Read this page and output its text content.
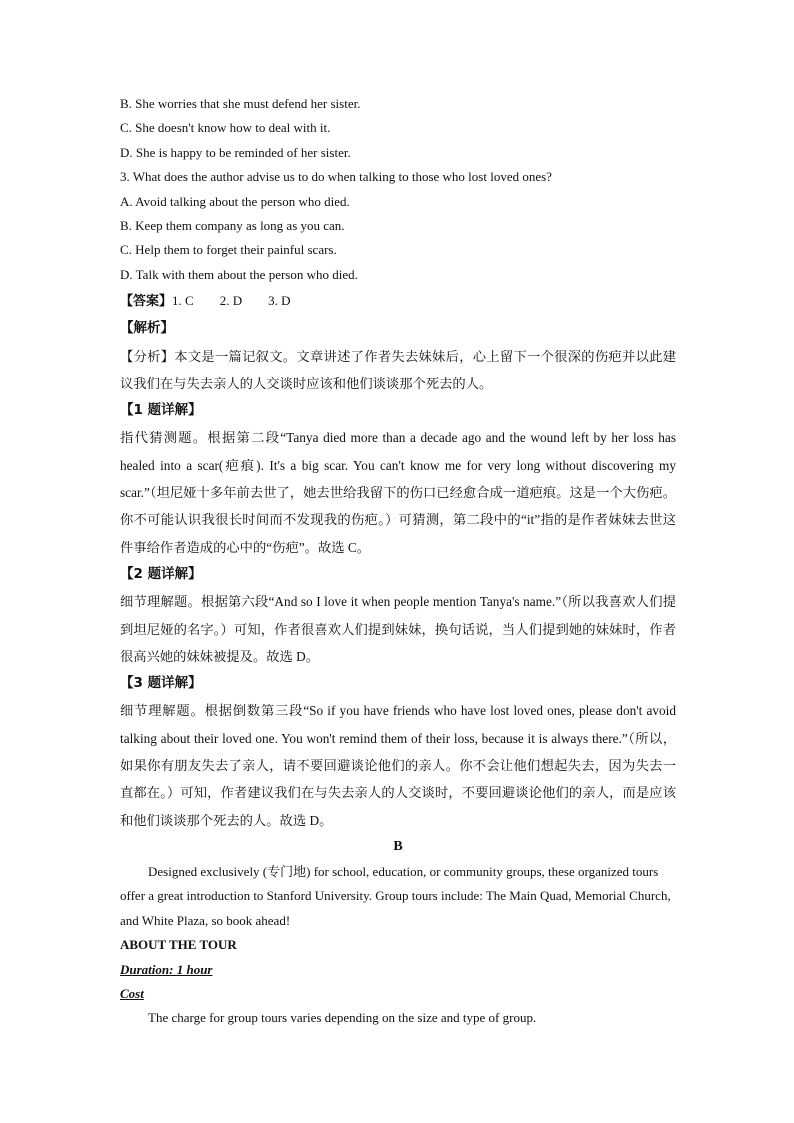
B. She worries that she must defend her sister.
C. She doesn't know how to deal with it.
D. She is happy to be reminded of her sister.
3. What does the author advise us to do when talking to those who lost loved ones?
A. Avoid talking about the person who died.
B. Keep them company as long as you can.
C. Help them to forget their painful scars.
D. Talk with them about the person who died.
【答案】1. C 2. D 3. D
【解析】

【分析】本文是一篇记叙文。文章讲述了作者失去妹妹后，心上留下一个很深的伤疤并以此建议我们在与失去亲人的人交谈时应该和他们谈谈那个死去的人。

【1 题详解】

指代猜测题。根据第二段“Tanya died more than a decade ago and the wound left by her loss has healed into a scar(疤痕). It's a big scar. You can't know me for very long without discovering my scar.”（坦尼娅十多年前去世了，她去世给我留下的伤口已经愈合成一道疤痕。这是一个大伤疤。你不可能认识我很长时间而不发现我的伤疤。）可猜测，第二段中的“it”指的是作者妹妹去世这件事给作者造成的心中的“伤疤”。故选 C。

【2 题详解】

细节理解题。根据第六段“And so I love it when people mention Tanya's name.”（所以我喜欢人们提到坦尼娅的名字。）可知，作者很喜欢人们提到妹妹，换句话说，当人们提到她的妹妹时，作者很高兴她的妹妹被提及。故选 D。

【3 题详解】

细节理解题。根据倒数第三段“So if you have friends who have lost loved ones, please don't avoid talking about their loved one. You won't remind them of their loss, because it is always there.”（所以，如果你有朋友失去了亲人，请不要回避谈论他们的亲人。你不会让他们想起失去，因为失去一直都在。）可知，作者建议我们在与失去亲人的人交谈时，不要回避谈论他们的亲人，而是应该和他们谈谈那个死去的人。故选 D。

B

Designed exclusively (专门地) for school, education, or community groups, these organized tours offer a great introduction to Stanford University. Group tours include: The Main Quad, Memorial Church, and White Plaza, so book ahead!

ABOUT THE TOUR
Duration: 1 hour
Cost
The charge for group tours varies depending on the size and type of group.
